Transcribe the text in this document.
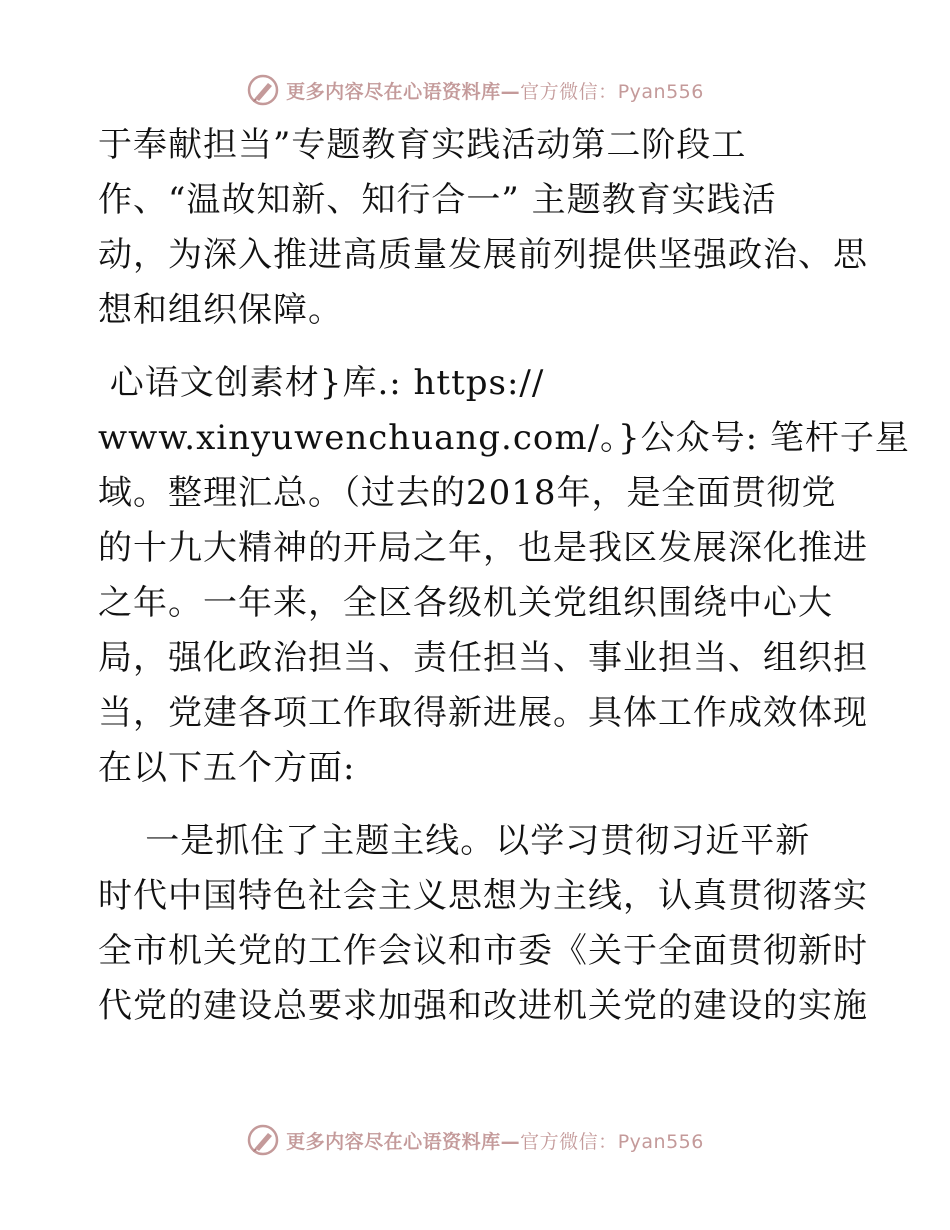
更多内容尽在心语资料库—官方微信：Pyan556
于奉献担当”专题教育实践活动第二阶段工
作、“温故知新、知行合一” 主题教育实践活
动，为深入推进高质量发展前列提供坚强政治、思
想和组织保障。
心语文创素材}库.: https://
www.xinyuwenchuang.com/。}公众号: 笔杆子星
域。整理汇总。（过去的2018年，是全面贯彻党
的十九大精神的开局之年，也是我区发展深化推进
之年。一年来，全区各级机关党组织围绕中心大
局，强化政治担当、责任担当、事业担当、组织担
当，党建各项工作取得新进展。具体工作成效体现
在以下五个方面:
一是抓住了主题主线。以学习贯彻习近平新
时代中国特色社会主义思想为主线，认真贯彻落实
全市机关党的工作会议和市委《关于全面贯彻新时
代党的建设总要求加强和改进机关党的建设的实施
更多内容尽在心语资料库—官方微信：Pyan556
